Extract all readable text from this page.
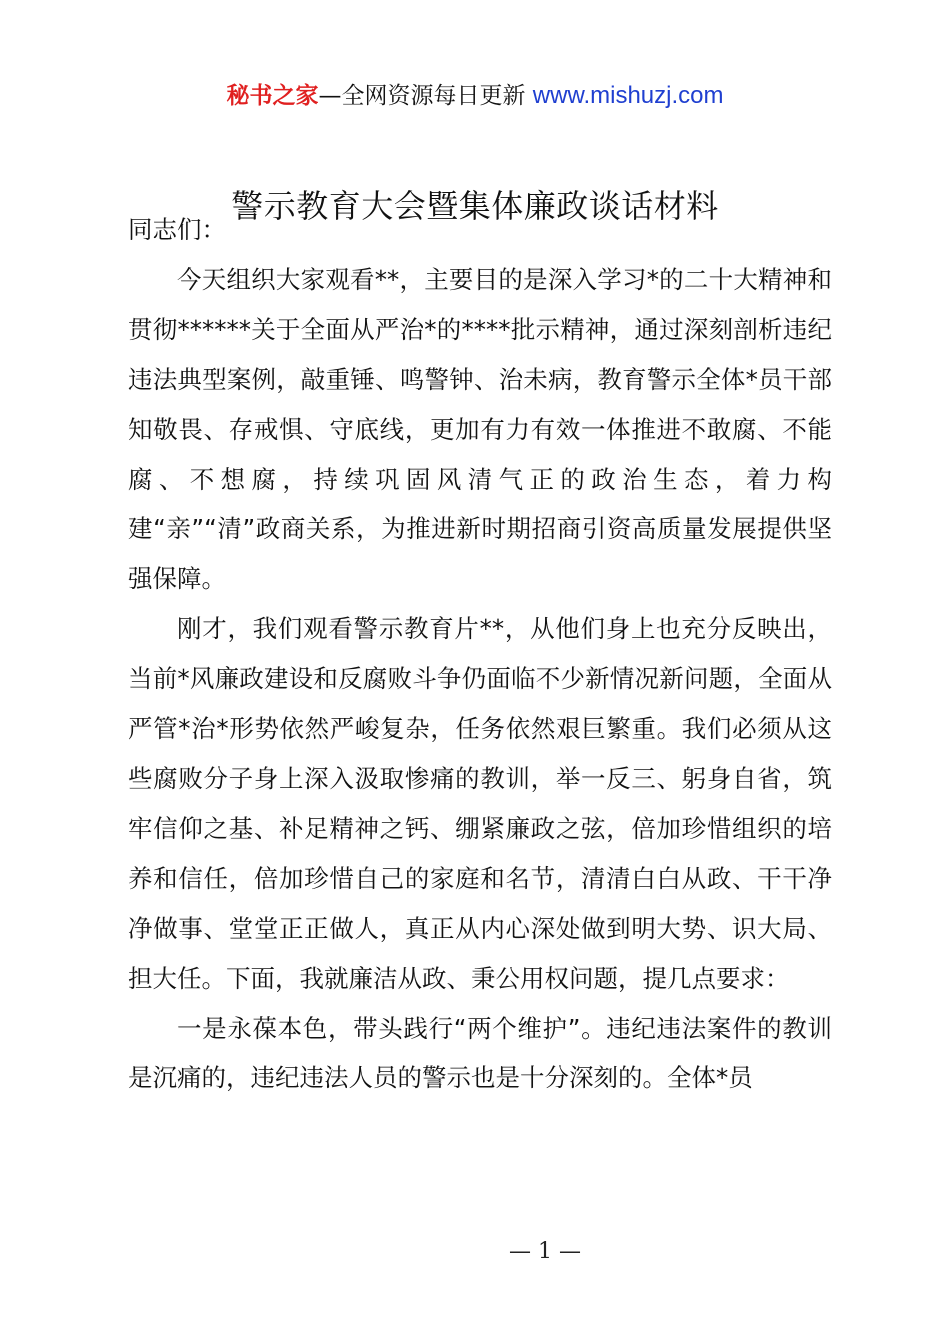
秘书之家—全网资源每日更新 www.mishuzj.com
警示教育大会暨集体廉政谈话材料

同志们：

今天组织大家观看**，主要目的是深入学习*的二十大精神和贯彻******关于全面从严治*的****批示精神，通过深刻剖析违纪违法典型案例，敲重锤、鸣警钟、治未病，教育警示全体*员干部知敬畏、存戒惧、守底线，更加有力有效一体推进不敢腐、不能腐、不想腐，持续巩固风清气正的政治生态，着力构建“亲”“清”政商关系，为推进新时期招商引资高质量发展提供坚强保障。

刚才，我们观看警示教育片**，从他们身上也充分反映出，当前*风廉政建设和反腐败斗争仍面临不少新情况新问题，全面从严管*治*形势依然严峻复杂，任务依然艰巨繁重。我们必须从这些腐败分子身上深入汲取惨痛的教训，举一反三、躬身自省，筑牢信仰之基、补足精神之钙、绷紧廉政之弦，倍加珍惜组织的培养和信任，倍加珍惜自己的家庭和名节，清清白白从政、干干净净做事、堂堂正正做人，真正从内心深处做到明大势、识大局、担大任。下面，我就廉洁从政、秉公用权问题，提几点要求：

一是永葆本色，带头践行“两个维护”。违纪违法案件的教训是沉痛的，违纪违法人员的警示也是十分深刻的。全体*员

— 1 —
